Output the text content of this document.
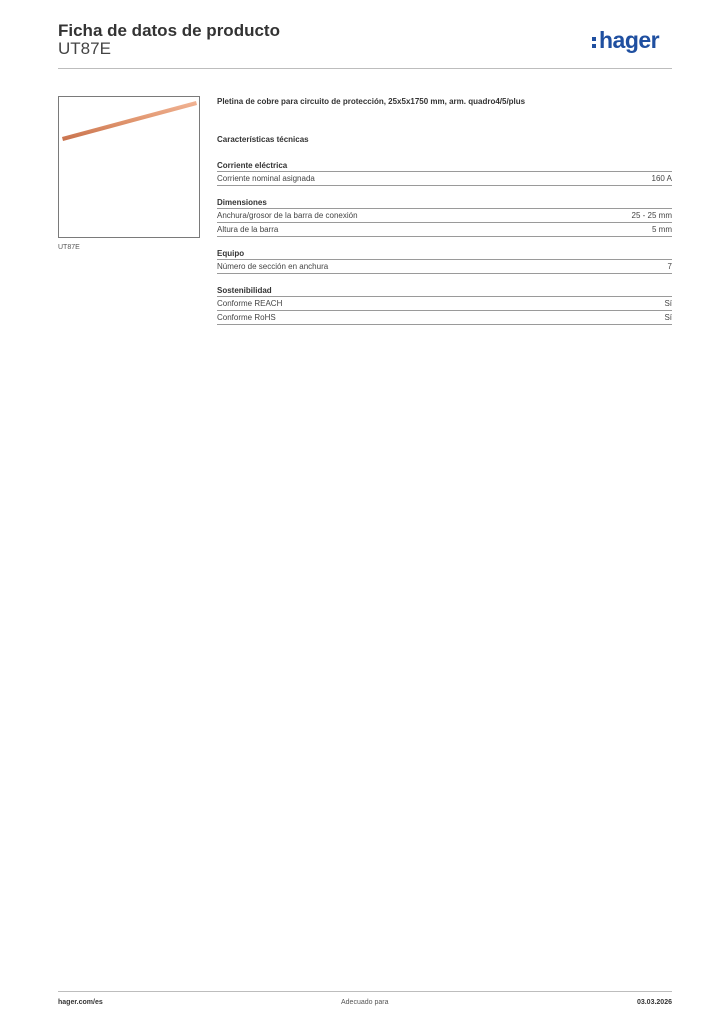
Ficha de datos de producto
UT87E	hager
UT87E

Pletina de cobre para circuito de protección, 25x5x1750 mm, arm. quadro4/5/plus

Características técnicas
Corriente eléctrica
Corriente nominal asignada	160 A
Dimensiones
Anchura/grosor de la barra de conexión	25 - 25 mm
Altura de la barra	5 mm
Equipo
Número de sección en anchura	7
Sostenibilidad
Conforme REACH	Sí
Conforme RoHS	Sí
hager.com/es	Adecuado para	03.03.2026
